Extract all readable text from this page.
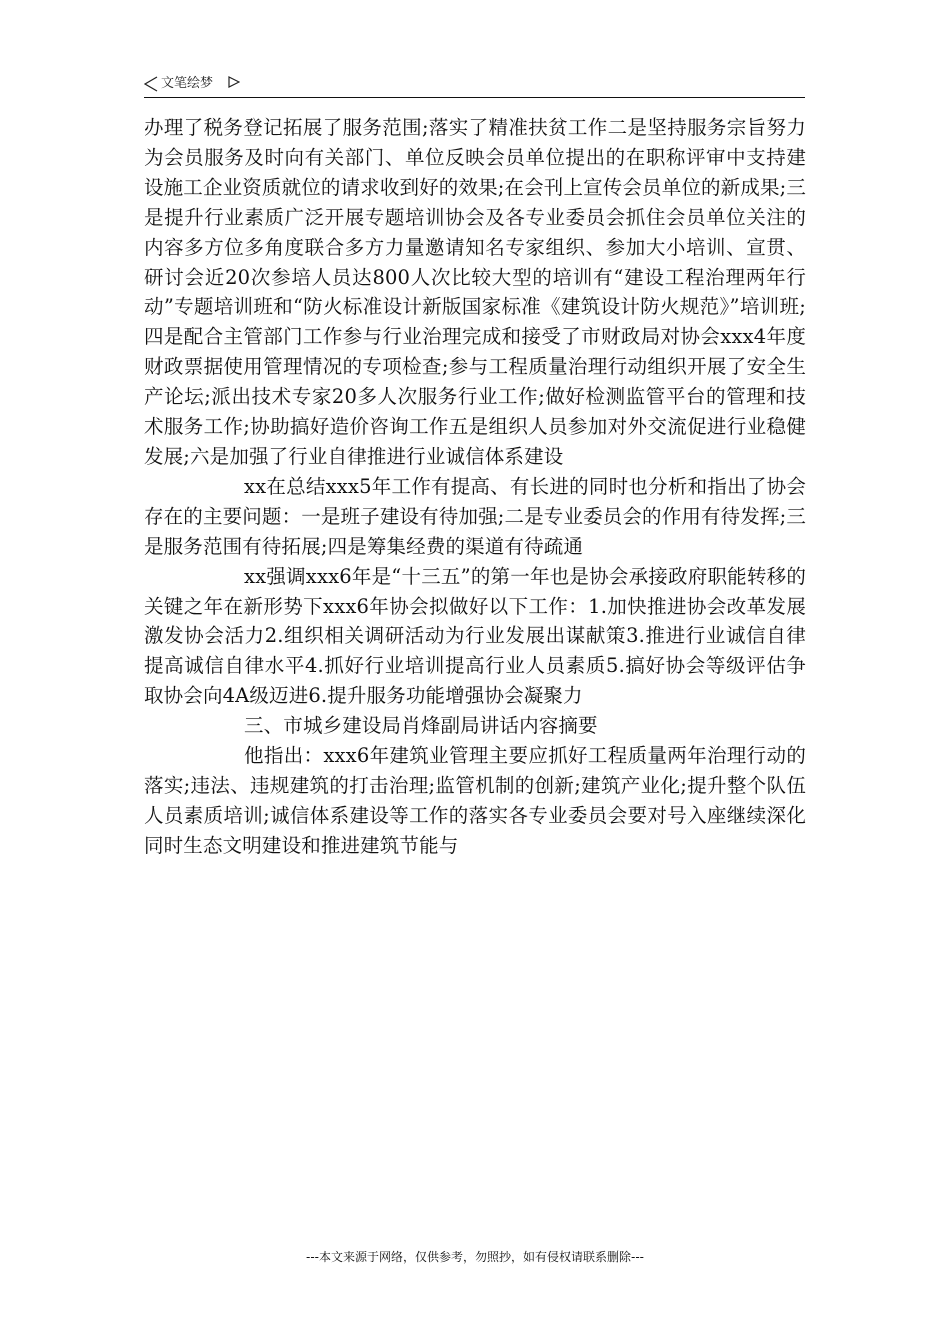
文笔绘梦

办理了税务登记拓展了服务范围;落实了精准扶贫工作二是坚持服务宗旨努力为会员服务及时向有关部门、单位反映会员单位提出的在职称评审中支持建设施工企业资质就位的请求收到好的效果;在会刊上宣传会员单位的新成果;三是提升行业素质广泛开展专题培训协会及各专业委员会抓住会员单位关注的内容多方位多角度联合多方力量邀请知名专家组织、参加大小培训、宣贯、研讨会近20次参培人员达800人次比较大型的培训有“建设工程治理两年行动”专题培训班和“防火标准设计新版国家标准《建筑设计防火规范》”培训班;四是配合主管部门工作参与行业治理完成和接受了市财政局对协会xxx4年度财政票据使用管理情况的专项检查;参与工程质量治理行动组织开展了安全生产论坛;派出技术专家20多人次服务行业工作;做好检测监管平台的管理和技术服务工作;协助搞好造价咨询工作五是组织人员参加对外交流促进行业稳健发展;六是加强了行业自律推进行业诚信体系建设

xx在总结xxx5年工作有提高、有长进的同时也分析和指出了协会存在的主要问题：一是班子建设有待加强;二是专业委员会的作用有待发挥;三是服务范围有待拓展;四是筹集经费的渠道有待疏通

xx强调xxx6年是“十三五”的第一年也是协会承接政府职能转移的关键之年在新形势下xxx6年协会拟做好以下工作：1.加快推进协会改革发展激发协会活力2.组织相关调研活动为行业发展出谋献策3.推进行业诚信自律提高诚信自律水平4.抓好行业培训提高行业人员素质5.搞好协会等级评估争取协会向4A级迈进6.提升服务功能增强协会凝聚力

三、市城乡建设局肖烽副局讲话内容摘要

他指出：xxx6年建筑业管理主要应抓好工程质量两年治理行动的落实;违法、违规建筑的打击治理;监管机制的创新;建筑产业化;提升整个队伍人员素质培训;诚信体系建设等工作的落实各专业委员会要对号入座继续深化同时生态文明建设和推进建筑节能与

---本文来源于网络，仅供参考，勿照抄，如有侵权请联系删除---
